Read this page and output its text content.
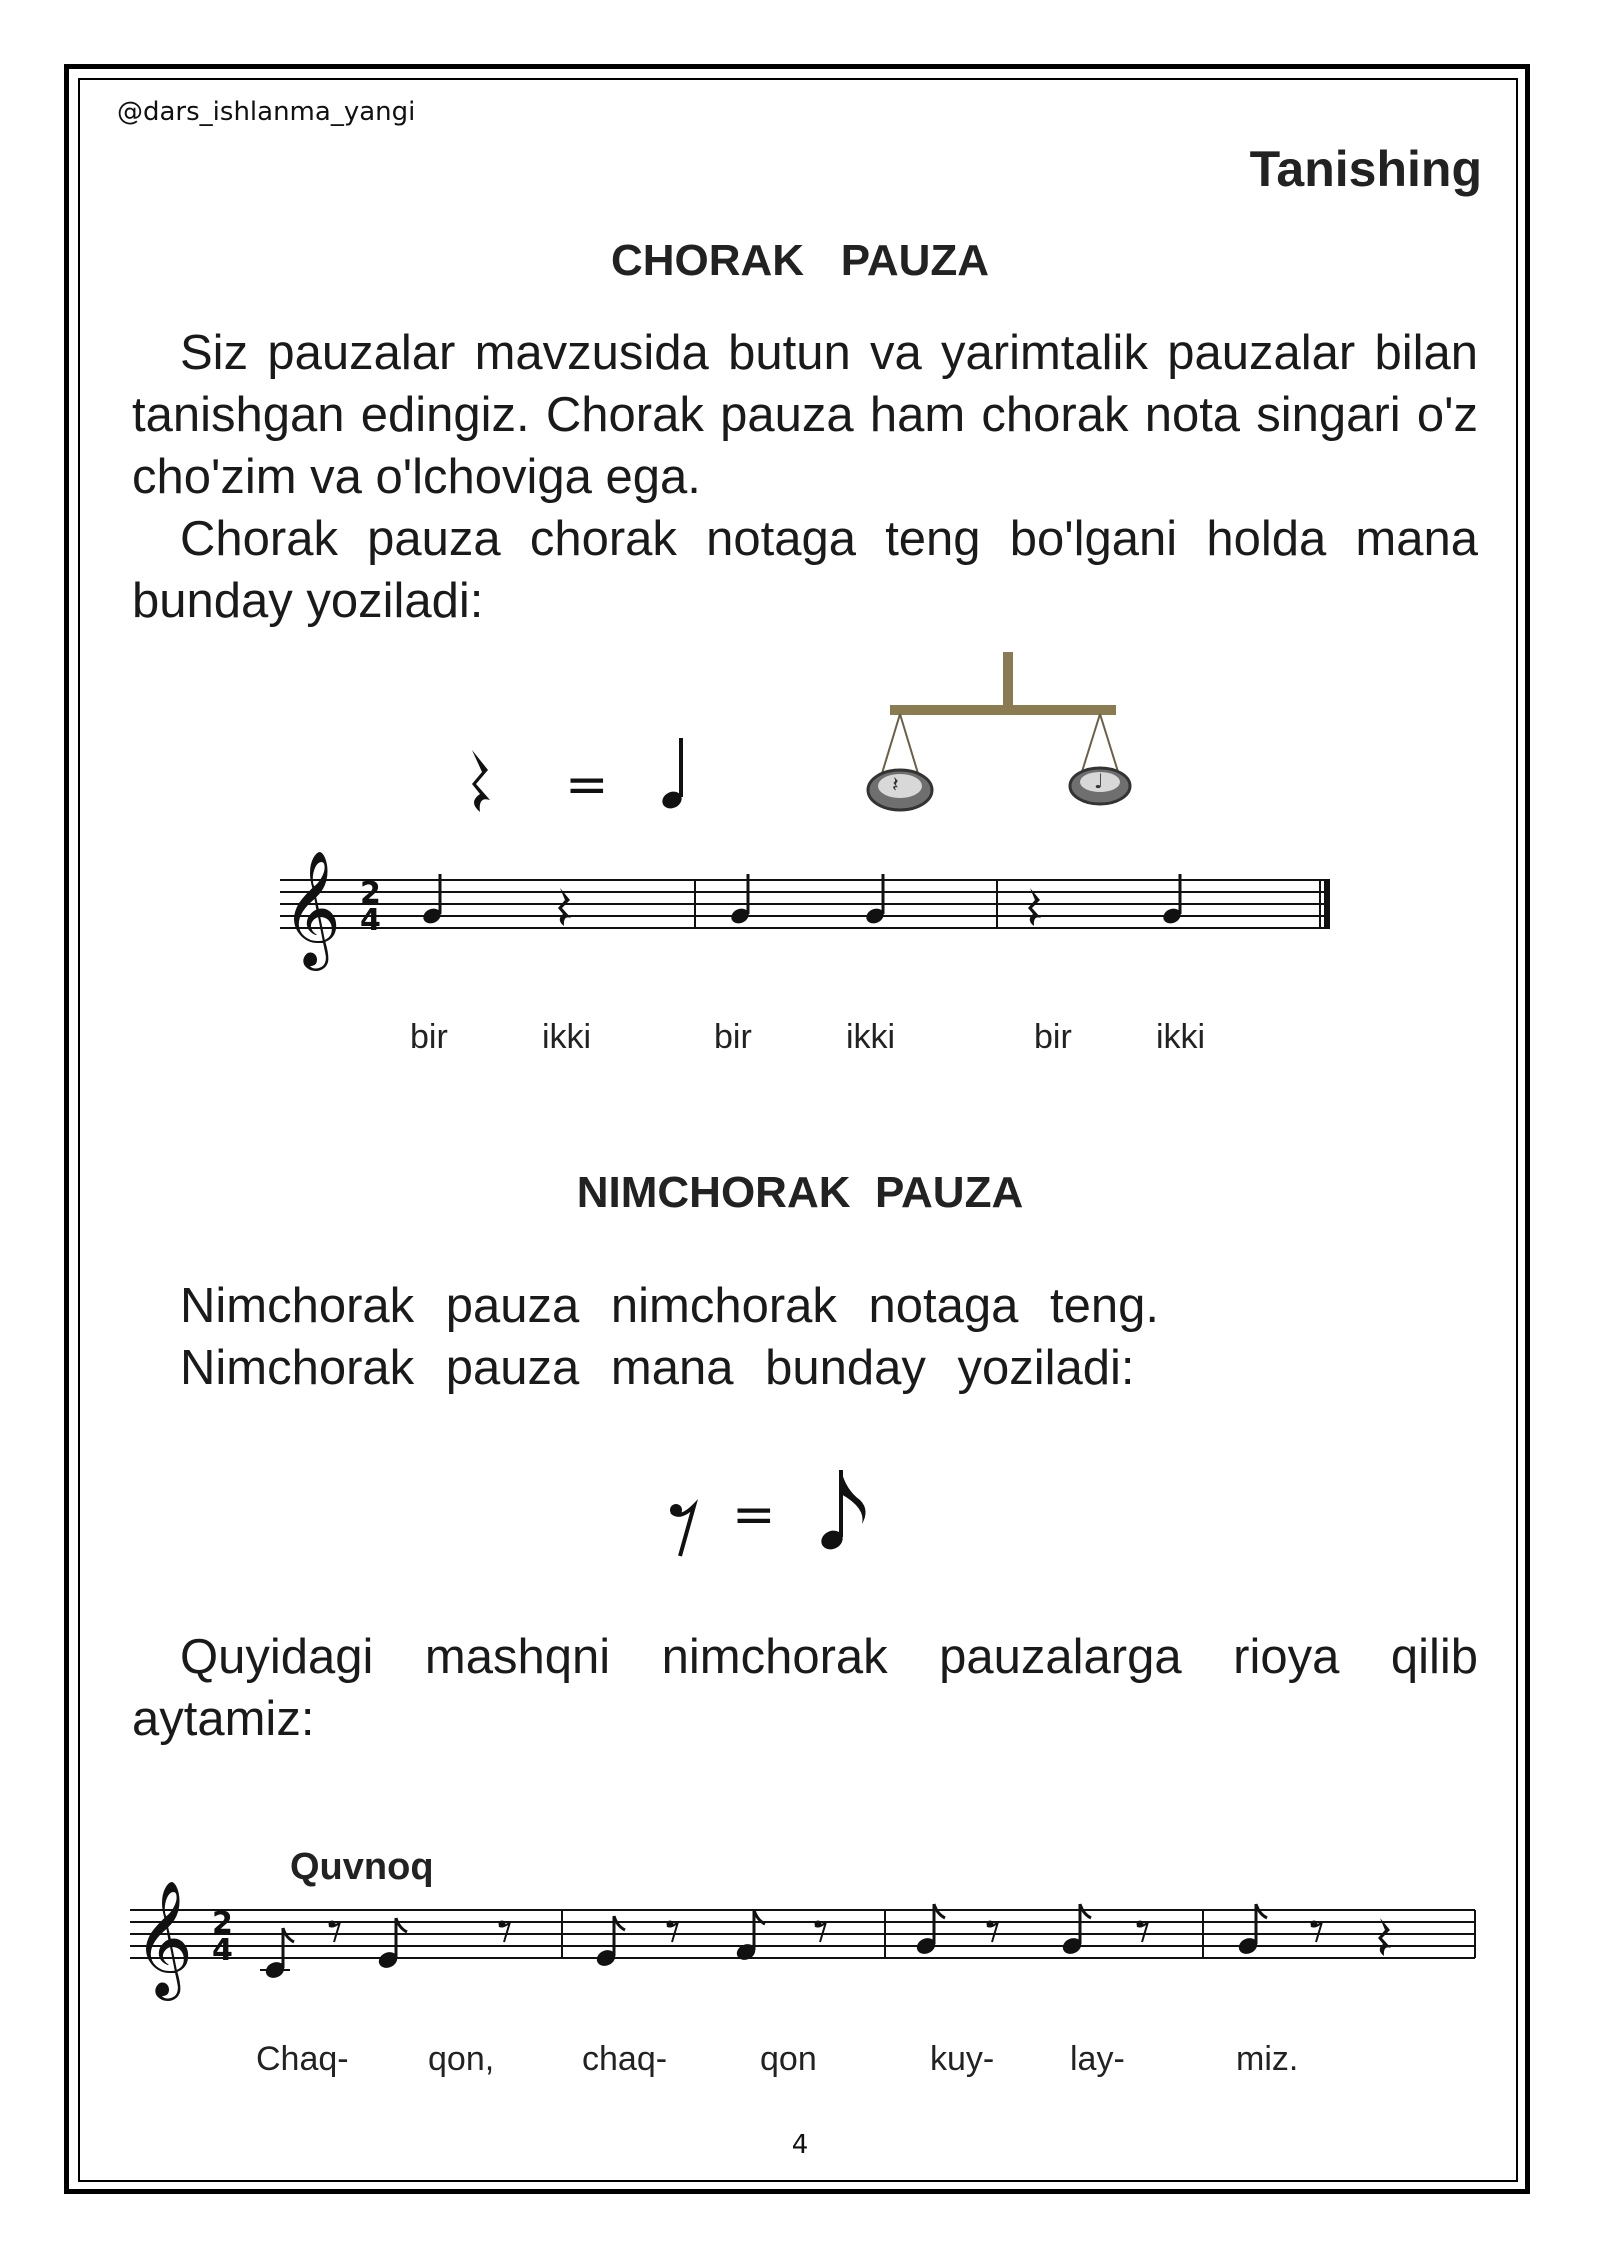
@dars_ishlanma_yangi
Tanishing
CHORAK   PAUZA

Siz pauzalar mavzusida butun va yarimtalik pauzalar bilan tanishgan edingiz. Chorak pauza ham chorak nota singari o'z cho'zim va o'lchoviga ega.

Chorak pauza chorak notaga teng bo'lgani holda mana bunday yoziladi:

=	𝄽	♩
𝄞 2
4
bir	ikki	bir	ikki	bir ikki
NIMCHORAK  PAUZA
Nimchorak pauza nimchorak notaga teng.
Nimchorak pauza mana bunday yoziladi:
=

Quyidagi mashqni nimchorak pauzalarga rioya qilib aytamiz:

Quvnoq
𝄞 2
4
Chaq- qon,	chaq-	qon	kuy- lay-	miz.
4
